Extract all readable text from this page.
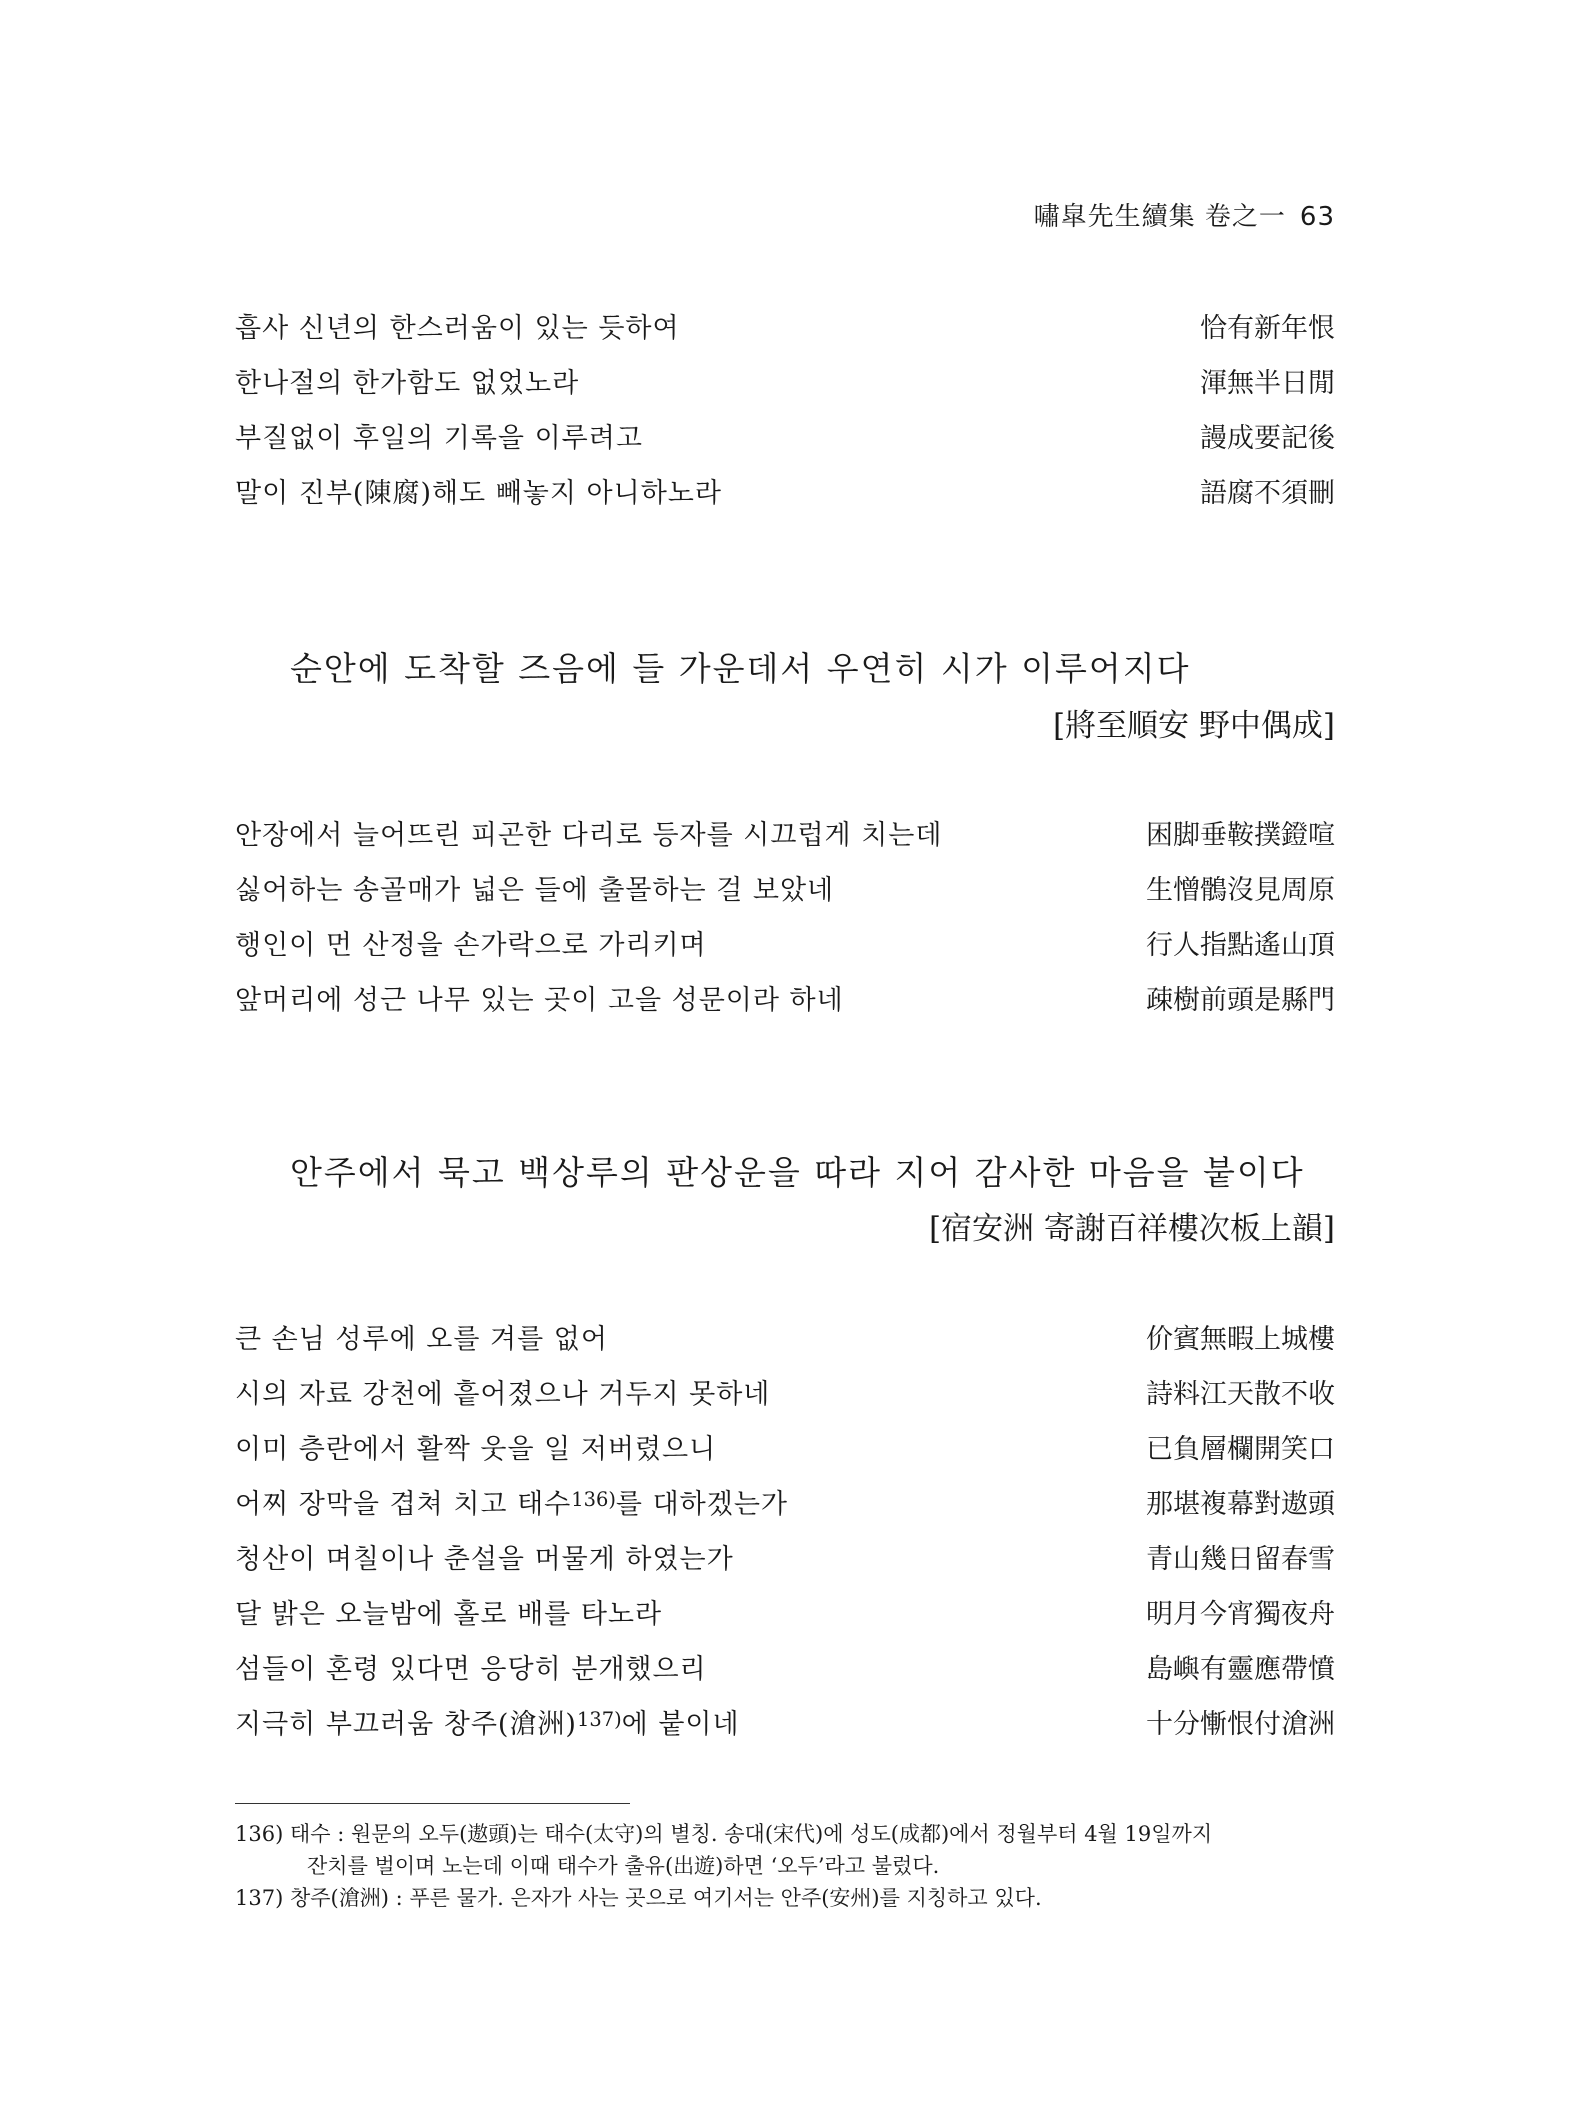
嘯皐先生續集 卷之一 63
흡사 신년의 한스러움이 있는 듯하여	恰有新年恨
한나절의 한가함도 없었노라	渾無半日閒
부질없이 후일의 기록을 이루려고	謾成要記後
말이 진부(陳腐)해도 빼놓지 아니하노라	語腐不須刪
순안에 도착할 즈음에 들 가운데서 우연히 시가 이루어지다
[將至順安 野中偶成]
안장에서 늘어뜨린 피곤한 다리로 등자를 시끄럽게 치는데	困脚垂鞍撲鐙喧
싫어하는 송골매가 넓은 들에 출몰하는 걸 보았네	生憎鶻沒見周原
행인이 먼 산정을 손가락으로 가리키며	行人指點遙山頂
앞머리에 성근 나무 있는 곳이 고을 성문이라 하네	疎樹前頭是縣門
안주에서 묵고 백상루의 판상운을 따라 지어 감사한 마음을 붙이다
[宿安洲 寄謝百祥樓次板上韻]
큰 손님 성루에 오를 겨를 없어	价賓無暇上城樓
시의 자료 강천에 흩어졌으나 거두지 못하네	詩料江天散不收
이미 층란에서 활짝 웃을 일 저버렸으니	已負層欄開笑口
어찌 장막을 겹쳐 치고 태수$^{136)}$를 대하겠는가	那堪複幕對遨頭
청산이 며칠이나 춘설을 머물게 하였는가	青山幾日留春雪
달 밝은 오늘밤에 홀로 배를 타노라	明月今宵獨夜舟
섬들이 혼령 있다면 응당히 분개했으리	島嶼有靈應帶憤
지극히 부끄러움 창주(滄洲)$^{137)}$에 붙이네	十分慚恨付滄洲
136) 태수 : 원문의 오두(遨頭)는 태수(太守)의 별칭. 송대(宋代)에 성도(成都)에서 정월부터 4월 19일까지
잔치를 벌이며 노는데 이때 태수가 출유(出遊)하면 ‘오두’라고 불렀다.
137) 창주(滄洲) : 푸른 물가. 은자가 사는 곳으로 여기서는 안주(安州)를 지칭하고 있다.
